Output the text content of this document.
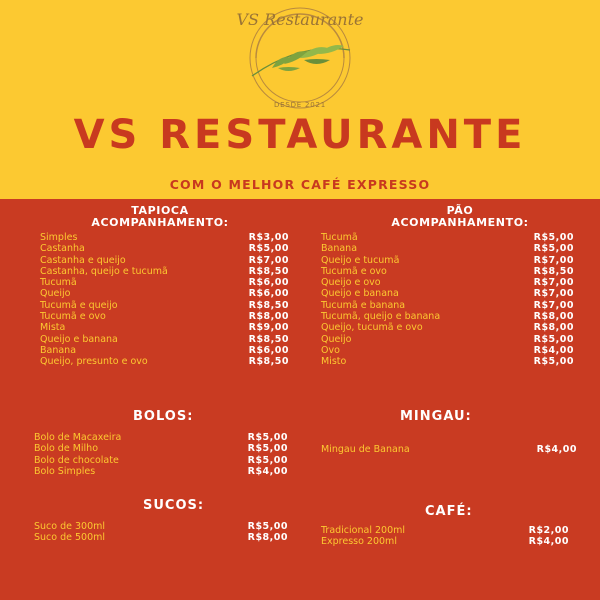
VS Restaurante
DESDE 2021
VS RESTAURANTE
COM O MELHOR CAFÉ EXPRESSO
TAPIOCA
ACOMPANHAMENTO:
Simples	R$3,00
Castanha	R$5,00
Castanha e queijo	R$7,00
Castanha, queijo e tucumã	R$8,50
Tucumã	R$6,00
Queijo	R$6,00
Tucumã e queijo	R$8,50
Tucumã e ovo	R$8,00
Mista	R$9,00
Queijo e banana	R$8,50
Banana	R$6,00
Queijo, presunto e ovo	R$8,50
PÃO
ACOMPANHAMENTO:
Tucumã	R$5,00
Banana	R$5,00
Queijo e tucumã	R$7,00
Tucumã e ovo	R$8,50
Queijo e ovo	R$7,00
Queijo e banana	R$7,00
Tucumã e banana	R$7,00
Tucumã, queijo e banana	R$8,00
Queijo, tucumã e ovo	R$8,00
Queijo	R$5,00
Ovo	R$4,00
Misto	R$5,00
BOLOS:
Bolo de Macaxeira	R$5,00
Bolo de Milho	R$5,00
Bolo de chocolate	R$5,00
Bolo Simples	R$4,00
MINGAU:
Mingau de Banana	R$4,00
SUCOS:
Suco de 300ml	R$5,00
Suco de 500ml	R$8,00
CAFÉ:
Tradicional 200ml	R$2,00
Expresso 200ml	R$4,00
